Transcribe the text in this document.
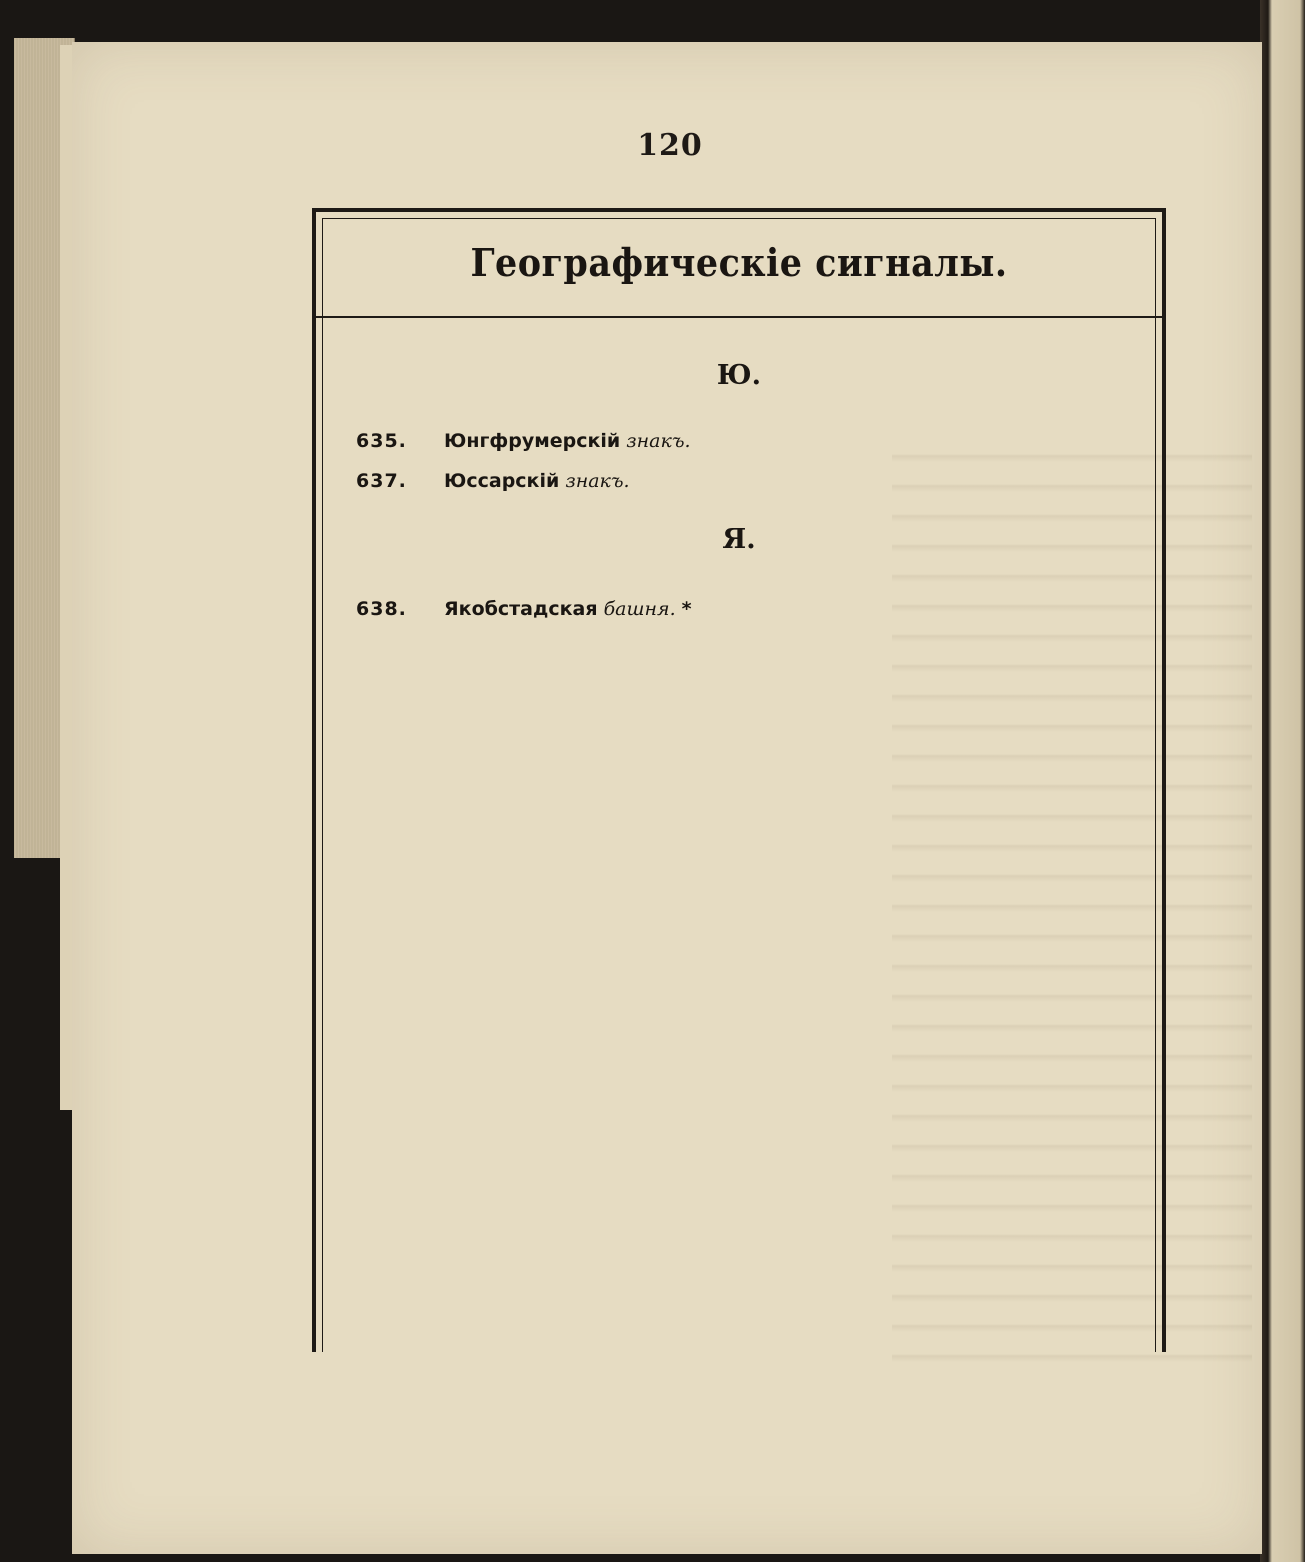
120
Географическіе сигналы.
Ю.
635. Юнгфрумерскій знакъ.
637. Юссарскій знакъ.
Я.
638. Якобстадская башня. *
